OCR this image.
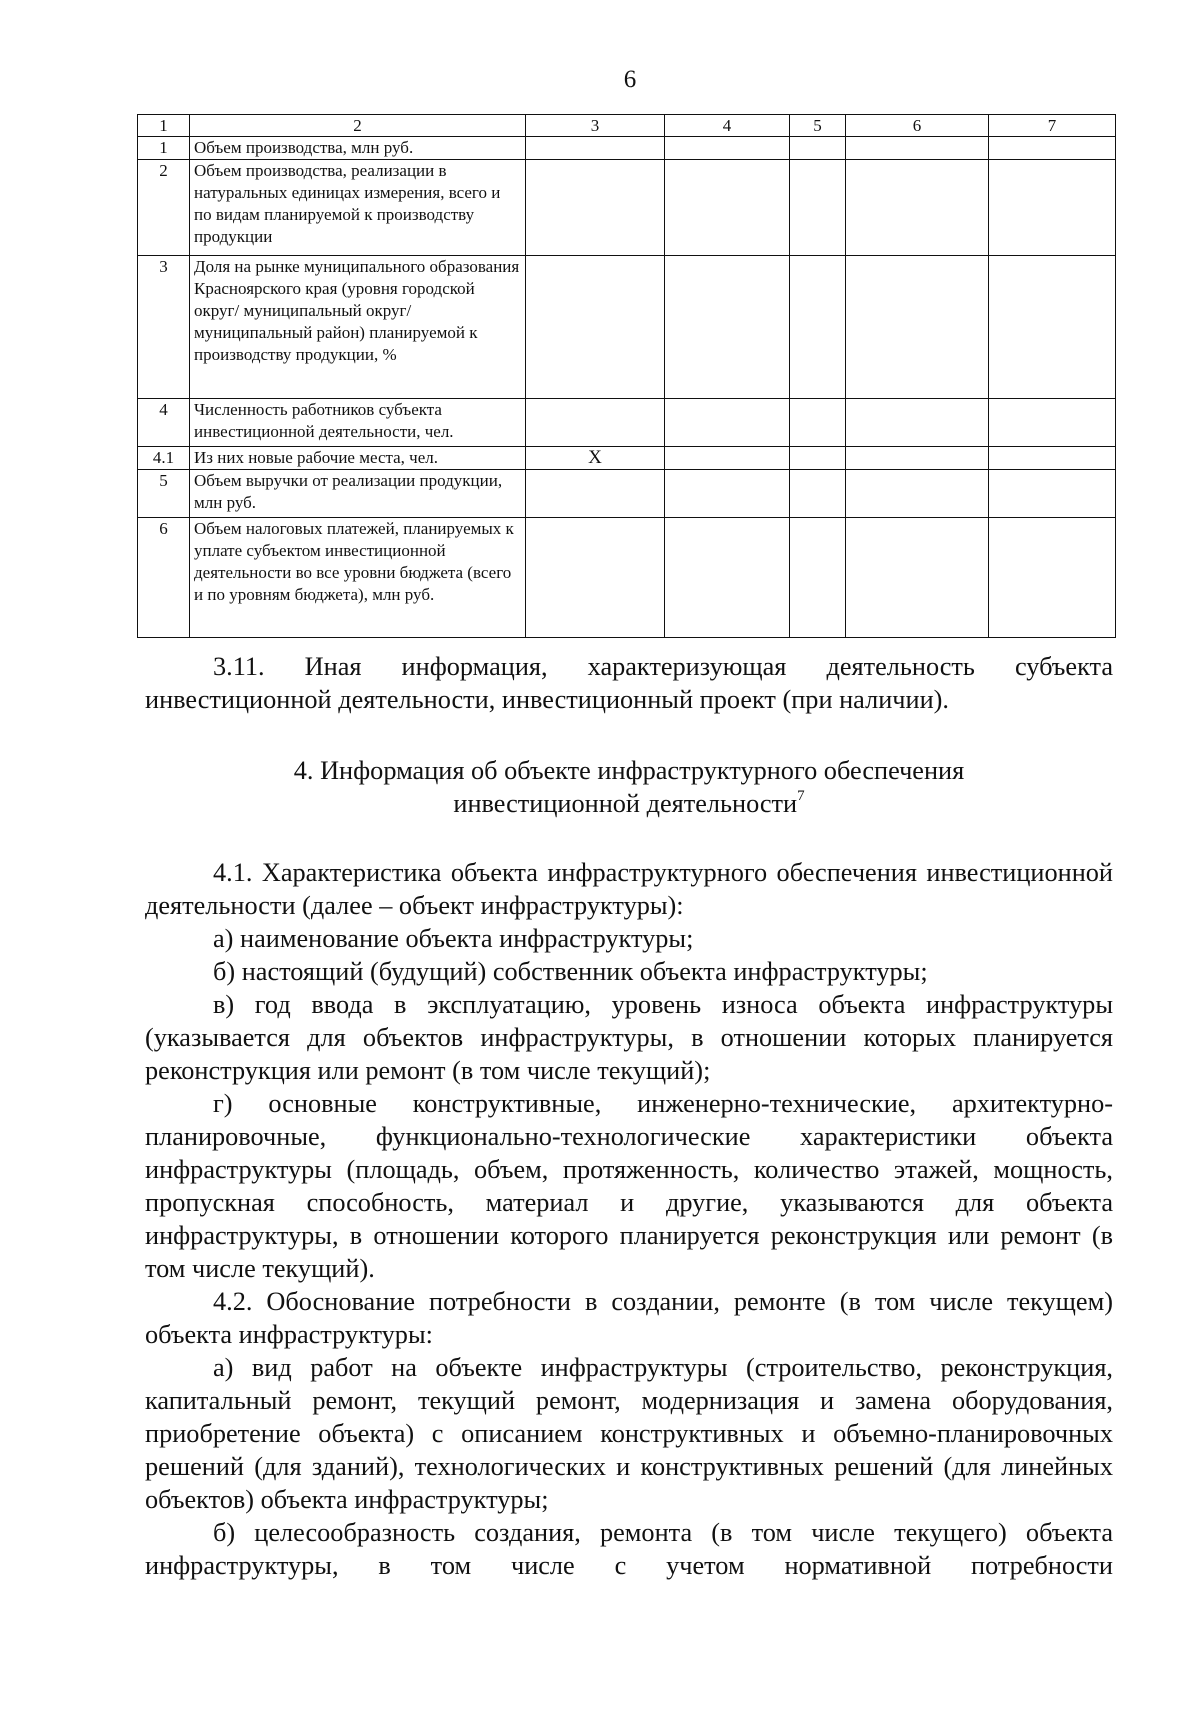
6
1	2	3	4	5	6	7
1	Объем производства, млн руб.					
2	Объем производства, реализации в натуральных единицах измерения, всего и по видам планируемой к производству продукции					
3	Доля на рынке муниципального образования Красноярского края (уровня городской округ/ муниципальный округ/ муниципальный район) планируемой к производству продукции, %					
4	Численность работников субъекта инвестиционной деятельности, чел.					
4.1	Из них новые рабочие места, чел.	X				
5	Объем выручки от реализации продукции, млн руб.					
6	Объем налоговых платежей, планируемых к уплате субъектом инвестиционной деятельности во все уровни бюджета (всего и по уровням бюджета), млн руб.					

3.11. Иная информация, характеризующая деятельность субъекта инвестиционной деятельности, инвестиционный проект (при наличии).

4. Информация об объекте инфраструктурного обеспечения
инвестиционной деятельности$^7$

4.1. Характеристика объекта инфраструктурного обеспечения инвестиционной деятельности (далее – объект инфраструктуры):

а) наименование объекта инфраструктуры;

б) настоящий (будущий) собственник объекта инфраструктуры;

в) год ввода в эксплуатацию, уровень износа объекта инфраструктуры (указывается для объектов инфраструктуры, в отношении которых планируется реконструкция или ремонт (в том числе текущий);

г) основные конструктивные, инженерно-технические, архитектурно-планировочные, функционально-технологические характеристики объекта инфраструктуры (площадь, объем, протяженность, количество этажей, мощность, пропускная способность, материал и другие, указываются для объекта инфраструктуры, в отношении которого планируется реконструкция или ремонт (в том числе текущий).

4.2. Обоснование потребности в создании, ремонте (в том числе текущем) объекта инфраструктуры:

а) вид работ на объекте инфраструктуры (строительство, реконструкция, капитальный ремонт, текущий ремонт, модернизация и замена оборудования, приобретение объекта) с описанием конструктивных и объемно-планировочных решений (для зданий), технологических и конструктивных решений (для линейных объектов) объекта инфраструктуры;

б) целесообразность создания, ремонта (в том числе текущего) объекта инфраструктуры, в том числе с учетом нормативной потребности
